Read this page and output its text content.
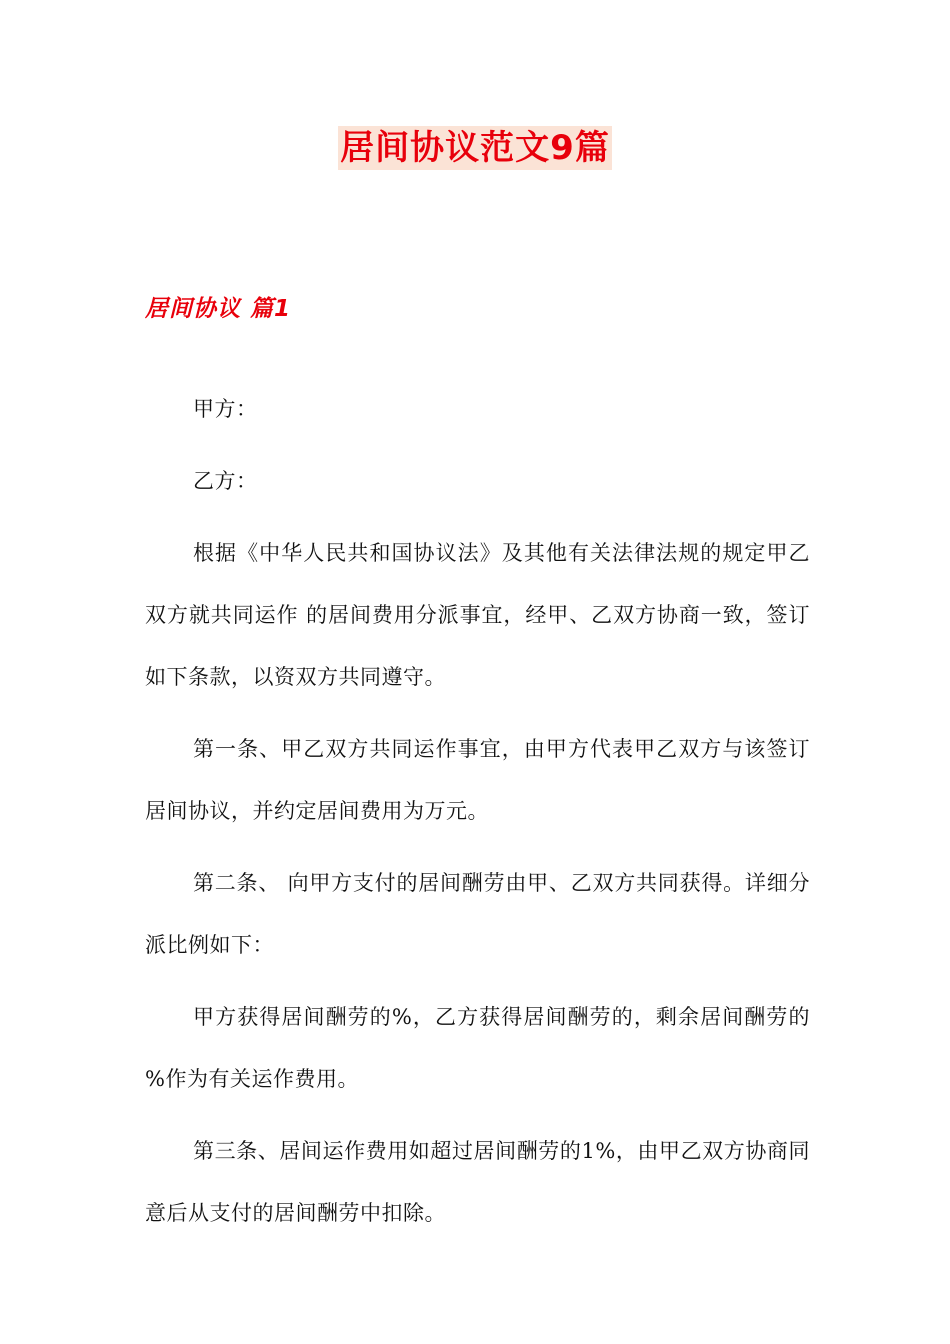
居间协议范文9篇
居间协议 篇1

甲方：

乙方：

根据《中华人民共和国协议法》及其他有关法律法规的规定甲乙双方就共同运作 的居间费用分派事宜，经甲、乙双方协商一致，签订如下条款，以资双方共同遵守。

第一条、甲乙双方共同运作事宜，由甲方代表甲乙双方与该签订居间协议，并约定居间费用为万元。

第二条、 向甲方支付的居间酬劳由甲、乙双方共同获得。详细分派比例如下：

甲方获得居间酬劳的%，乙方获得居间酬劳的，剩余居间酬劳的 %作为有关运作费用。

第三条、居间运作费用如超过居间酬劳的1%，由甲乙双方协商同意后从支付的居间酬劳中扣除。
